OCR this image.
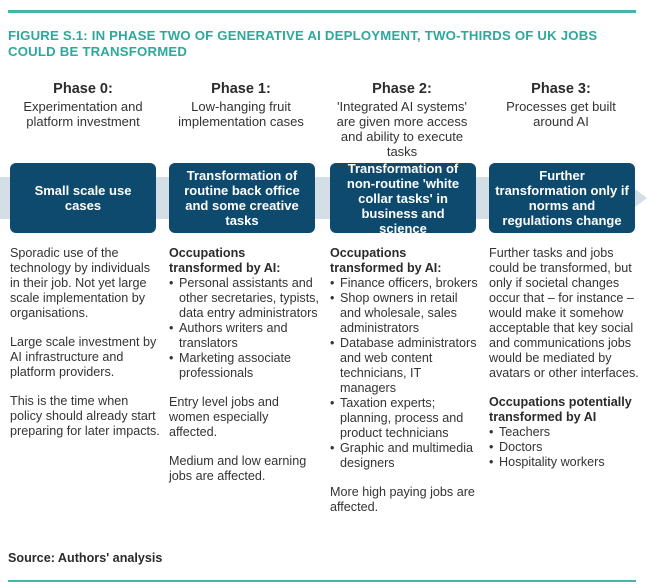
FIGURE S.1: IN PHASE TWO OF GENERATIVE AI DEPLOYMENT, TWO-THIRDS OF UK JOBS COULD BE TRANSFORMED
Phase 0:
Experimentation and platform investment
Phase 1:
Low-hanging fruit implementation cases
Phase 2:
'Integrated AI systems' are given more access and ability to execute tasks
Phase 3:
Processes get built around AI
Small scale use cases
Transformation of routine back office and some creative tasks
Transformation of non-routine 'white collar tasks' in business and science
Further transformation only if norms and regulations change

Sporadic use of the technology by individuals in their job. Not yet large scale implementation by organisations.

Large scale investment by AI infrastructure and platform providers.

This is the time when policy should already start preparing for later impacts.

Occupations transformed by AI:

• Personal assistants and other secretaries, typists, data entry administrators
• Authors writers and translators
• Marketing associate professionals

Entry level jobs and women especially affected.

Medium and low earning jobs are affected.

Occupations transformed by AI:

• Finance officers, brokers
• Shop owners in retail and wholesale, sales administrators
• Database administrators and web content technicians, IT managers
• Taxation experts; planning, process and product technicians
• Graphic and multimedia designers

More high paying jobs are affected.

Further tasks and jobs could be transformed, but only if societal changes occur that – for instance – would make it somehow acceptable that key social and communications jobs would be mediated by avatars or other interfaces.

Occupations potentially transformed by AI

• Teachers
• Doctors
• Hospitality workers
Source: Authors' analysis
